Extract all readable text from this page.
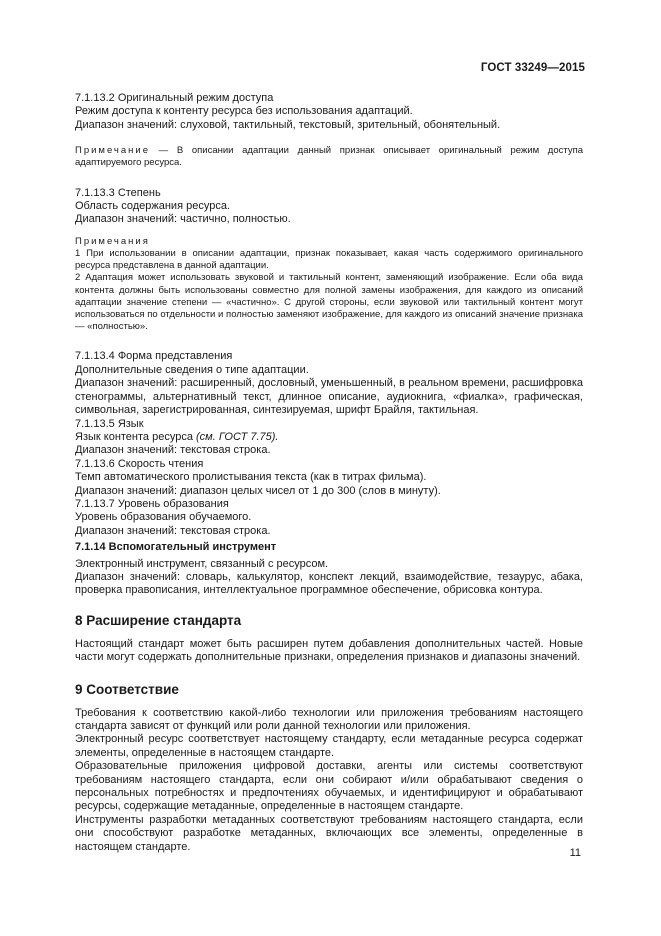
ГОСТ 33249—2015

7.1.13.2 Оригинальный режим доступа

Режим доступа к контенту ресурса без использования адаптаций.

Диапазон значений: слуховой, тактильный, текстовый, зрительный, обонятельный.

Примечание — В описании адаптации данный признак описывает оригинальный режим доступа адаптируемого ресурса.

7.1.13.3 Степень

Область содержания ресурса.

Диапазон значений: частично, полностью.

Примечания

1 При использовании в описании адаптации, признак показывает, какая часть содержимого оригинального ресурса представлена в данной адаптации.

2 Адаптация может использовать звуковой и тактильный контент, заменяющий изображение. Если оба вида контента должны быть использованы совместно для полной замены изображения, для каждого из описаний адаптации значение степени — «частично». С другой стороны, если звуковой или тактильный контент могут использоваться по отдельности и полностью заменяют изображение, для каждого из описаний значение признака — «полностью».

7.1.13.4 Форма представления

Дополнительные сведения о типе адаптации.

Диапазон значений: расширенный, дословный, уменьшенный, в реальном времени, расшифровка стенограммы, альтернативный текст, длинное описание, аудиокнига, «фиалка», графическая, символьная, зарегистрированная, синтезируемая, шрифт Брайля, тактильная.

7.1.13.5 Язык

Язык контента ресурса (см. ГОСТ 7.75).

Диапазон значений: текстовая строка.

7.1.13.6 Скорость чтения

Темп автоматического пролистывания текста (как в титрах фильма).

Диапазон значений: диапазон целых чисел от 1 до 300 (слов в минуту).

7.1.13.7 Уровень образования

Уровень образования обучаемого.

Диапазон значений: текстовая строка.

7.1.14 Вспомогательный инструмент

Электронный инструмент, связанный с ресурсом.

Диапазон значений: словарь, калькулятор, конспект лекций, взаимодействие, тезаурус, абака, проверка правописания, интеллектуальное программное обеспечение, обрисовка контура.

8 Расширение стандарта

Настоящий стандарт может быть расширен путем добавления дополнительных частей. Новые части могут содержать дополнительные признаки, определения признаков и диапазоны значений.

9 Соответствие

Требования к соответствию какой-либо технологии или приложения требованиям настоящего стандарта зависят от функций или роли данной технологии или приложения.

Электронный ресурс соответствует настоящему стандарту, если метаданные ресурса содержат элементы, определенные в настоящем стандарте.

Образовательные приложения цифровой доставки, агенты или системы соответствуют требованиям настоящего стандарта, если они собирают и/или обрабатывают сведения о персональных потребностях и предпочтениях обучаемых, и идентифицируют и обрабатывают ресурсы, содержащие метаданные, определенные в настоящем стандарте.

Инструменты разработки метаданных соответствуют требованиям настоящего стандарта, если они способствуют разработке метаданных, включающих все элементы, определенные в настоящем стандарте.

11
